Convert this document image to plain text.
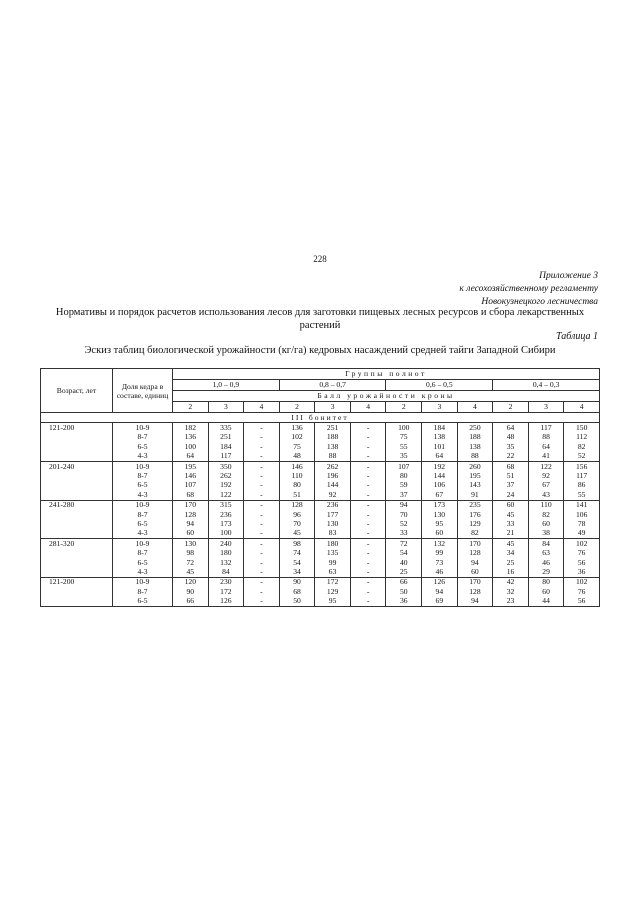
228
Приложение 3
к лесохозяйственному регламенту
Новокузнецкого лесничества
Нормативы и порядок расчетов использования лесов для заготовки пищевых лесных ресурсов и сбора лекарственных растений
Таблица 1
Эскиз таблиц биологической урожайности (кг/га) кедровых насаждений средней тайги Западной Сибири
Возраст, лет	Доля кедра в составе, единиц	Группы полнот											
		1,0 – 0,9			0,8 – 0,7			0,6 – 0,5			0,4 – 0,3		
		Балл урожайности кроны											
		2	3	4	2	3	4	2	3	4	2	3	4
III бонитет													
121-200	10-9	182	335	-	136	251	-	100	184	250	64	117	150
	8-7	136	251	-	102	188	-	75	138	188	48	88	112
	6-5	100	184	-	75	138	-	55	101	138	35	64	82
	4-3	64	117	-	48	88	-	35	64	88	22	41	52
201-240	10-9	195	350	-	146	262	-	107	192	260	68	122	156
	8-7	146	262	-	110	196	-	80	144	195	51	92	117
	6-5	107	192	-	80	144	-	59	106	143	37	67	86
	4-3	68	122	-	51	92	-	37	67	91	24	43	55
241-280	10-9	170	315	-	128	236	-	94	173	235	60	110	141
	8-7	128	236	-	96	177	-	70	130	176	45	82	106
	6-5	94	173	-	70	130	-	52	95	129	33	60	78
	4-3	60	100	-	45	83	-	33	60	82	21	38	49
281-320	10-9	130	240	-	98	180	-	72	132	170	45	84	102
	8-7	98	180	-	74	135	-	54	99	128	34	63	76
	6-5	72	132	-	54	99	-	40	73	94	25	46	56
	4-3	45	84	-	34	63	-	25	46	60	16	29	36
121-200	10-9	120	230	-	90	172	-	66	126	170	42	80	102
	8-7	90	172	-	68	129	-	50	94	128	32	60	76
	6-5	66	126	-	50	95	-	36	69	94	23	44	56
